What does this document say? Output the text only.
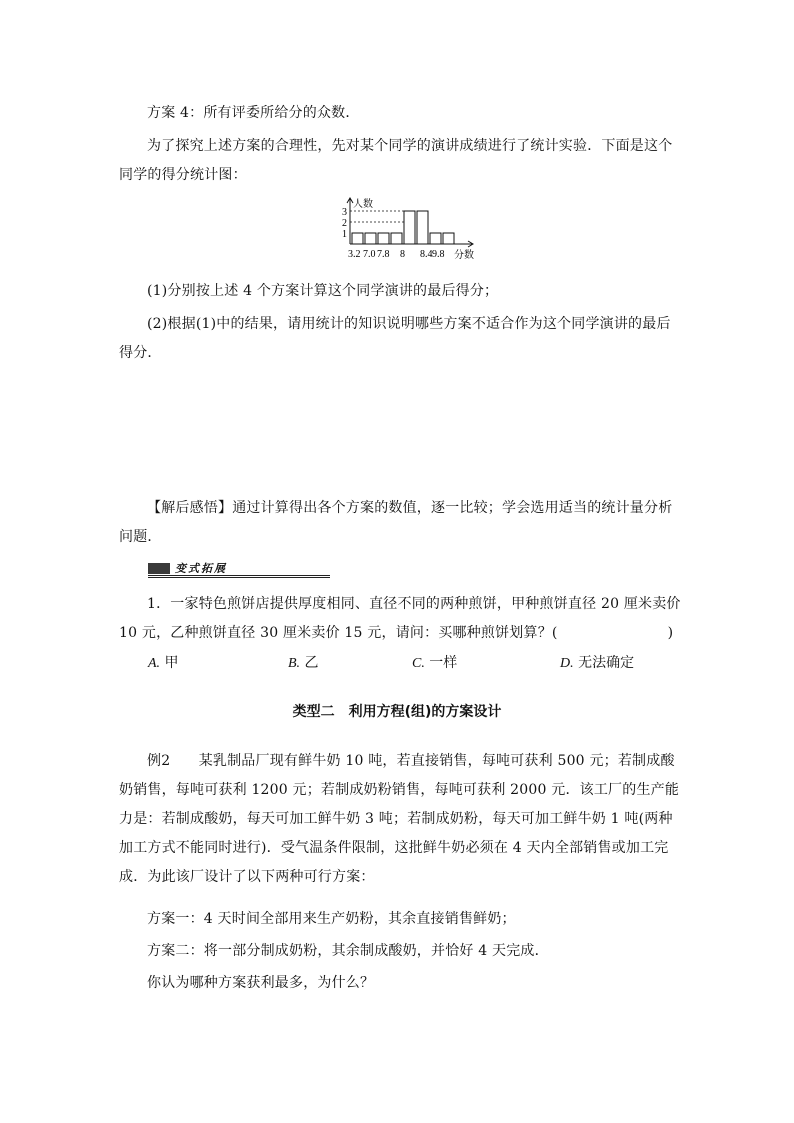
方案 4：所有评委所给分的众数．

为了探究上述方案的合理性，先对某个同学的演讲成绩进行了统计实验．下面是这个同学的得分统计图：

1
2
3
人数
3.2 7.0 7.8 8 8.4 9.8 分数

(1)分别按上述 4 个方案计算这个同学演讲的最后得分；

(2)根据(1)中的结果，请用统计的知识说明哪些方案不适合作为这个同学演讲的最后得分．

【解后感悟】通过计算得出各个方案的数值，逐一比较；学会选用适当的统计量分析问题．

变式拓展

1．一家特色煎饼店提供厚度相同、直径不同的两种煎饼，甲种煎饼直径 20 厘米卖价 10 元，乙种煎饼直径 30 厘米卖价 15 元，请问：买哪种煎饼划算？(	)

A. 甲	B. 乙	C. 一样	D. 无法确定
类型二　利用方程(组)的方案设计

例2　　某乳制品厂现有鲜牛奶 10 吨，若直接销售，每吨可获利 500 元；若制成酸奶销售，每吨可获利 1200 元；若制成奶粉销售，每吨可获利 2000 元．该工厂的生产能力是：若制成酸奶，每天可加工鲜牛奶 3 吨；若制成奶粉，每天可加工鲜牛奶 1 吨(两种加工方式不能同时进行)．受气温条件限制，这批鲜牛奶必须在 4 天内全部销售或加工完成．为此该厂设计了以下两种可行方案：

方案一：4 天时间全部用来生产奶粉，其余直接销售鲜奶；

方案二：将一部分制成奶粉，其余制成酸奶，并恰好 4 天完成．

你认为哪种方案获利最多，为什么？
